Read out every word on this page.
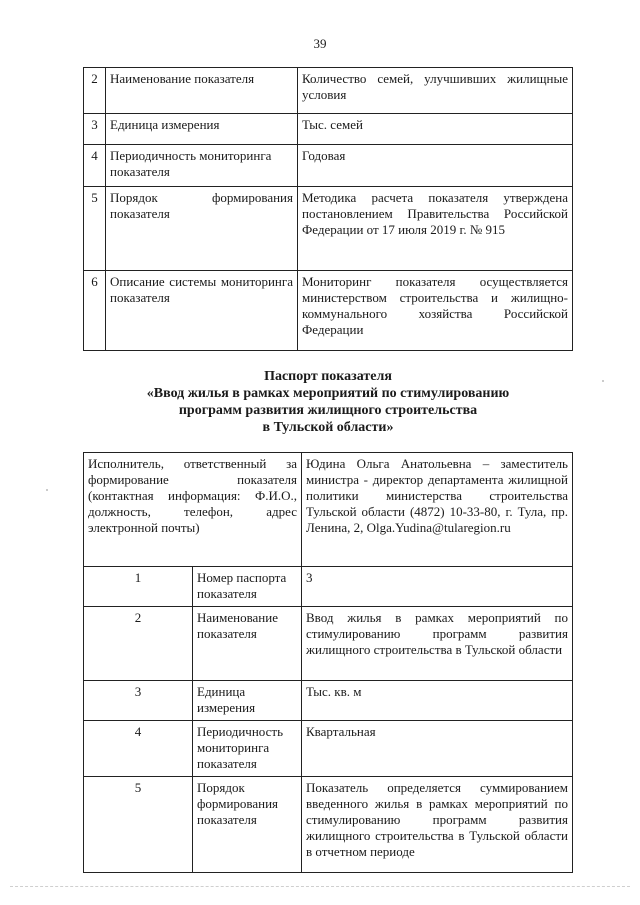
39
2	Наименование показателя	Количество семей, улучшивших жилищные условия
3	Единица измерения	Тыс. семей
4	Периодичность мониторинга показателя	Годовая
5	Порядок формирования показателя	Методика расчета показателя утверждена постановлением Правительства Российской Федерации от 17 июля 2019 г. № 915
6	Описание системы мониторинга показателя	Мониторинг показателя осуществляется министерством строительства и жилищно-коммунального хозяйства Российской Федерации
Паспорт показателя
«Ввод жилья в рамках мероприятий по стимулированию
программ развития жилищного строительства
в Тульской области»
Исполнитель, ответственный за формирование показателя (контактная информация: Ф.И.О., должность, телефон, адрес электронной почты)		Юдина Ольга Анатольевна – заместитель министра - директор департамента жилищной политики министерства строительства Тульской области (4872) 10-33-80, г. Тула, пр. Ленина, 2, Olga.Yudina@tularegion.ru
1	Номер паспорта показателя	3
2	Наименование показателя	Ввод жилья в рамках мероприятий по стимулированию программ развития жилищного строительства в Тульской области
3	Единица измерения	Тыс. кв. м
4	Периодичность мониторинга показателя	Квартальная
5	Порядок формирования показателя	Показатель определяется суммированием введенного жилья в рамках мероприятий по стимулированию программ развития жилищного строительства в Тульской области в отчетном периоде
